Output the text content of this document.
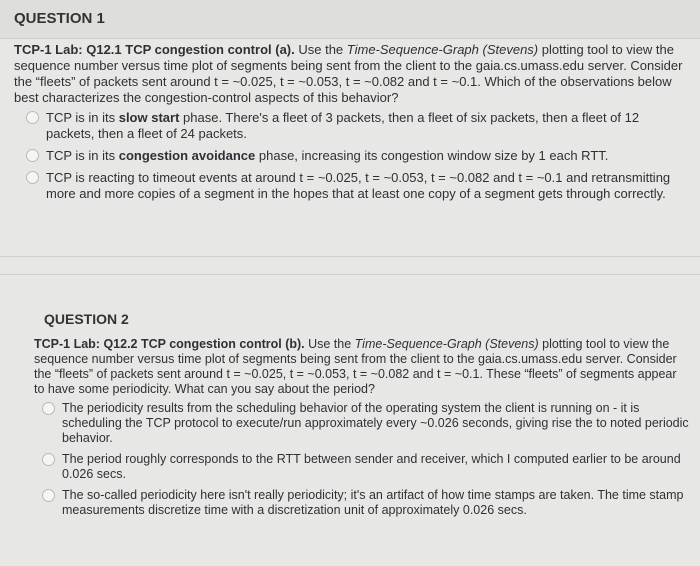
QUESTION 1
TCP-1 Lab: Q12.1 TCP congestion control (a). Use the Time-Sequence-Graph (Stevens) plotting tool to view the sequence number versus time plot of segments being sent from the client to the gaia.cs.umass.edu server. Consider the “fleets” of packets sent around t = ~0.025, t = ~0.053, t = ~0.082 and t = ~0.1. Which of the observations below best characterizes the congestion-control aspects of this behavior?
TCP is in its slow start phase. There's a fleet of 3 packets, then a fleet of six packets, then a fleet of 12 packets, then a fleet of 24 packets.
TCP is in its congestion avoidance phase, increasing its congestion window size by 1 each RTT.
TCP is reacting to timeout events at around t = ~0.025, t = ~0.053, t = ~0.082 and t = ~0.1 and retransmitting more and more copies of a segment in the hopes that at least one copy of a segment gets through correctly.
QUESTION 2
TCP-1 Lab: Q12.2 TCP congestion control (b). Use the Time-Sequence-Graph (Stevens) plotting tool to view the sequence number versus time plot of segments being sent from the client to the gaia.cs.umass.edu server. Consider the “fleets” of packets sent around t = ~0.025, t = ~0.053, t = ~0.082 and t = ~0.1. These “fleets” of segments appear to have some periodicity. What can you say about the period?
The periodicity results from the scheduling behavior of the operating system the client is running on - it is scheduling the TCP protocol to execute/run approximately every ~0.026 seconds, giving rise the to noted periodic behavior.
The period roughly corresponds to the RTT between sender and receiver, which I computed earlier to be around 0.026 secs.
The so-called periodicity here isn't really periodicity; it's an artifact of how time stamps are taken. The time stamp measurements discretize time with a discretization unit of approximately 0.026 secs.
